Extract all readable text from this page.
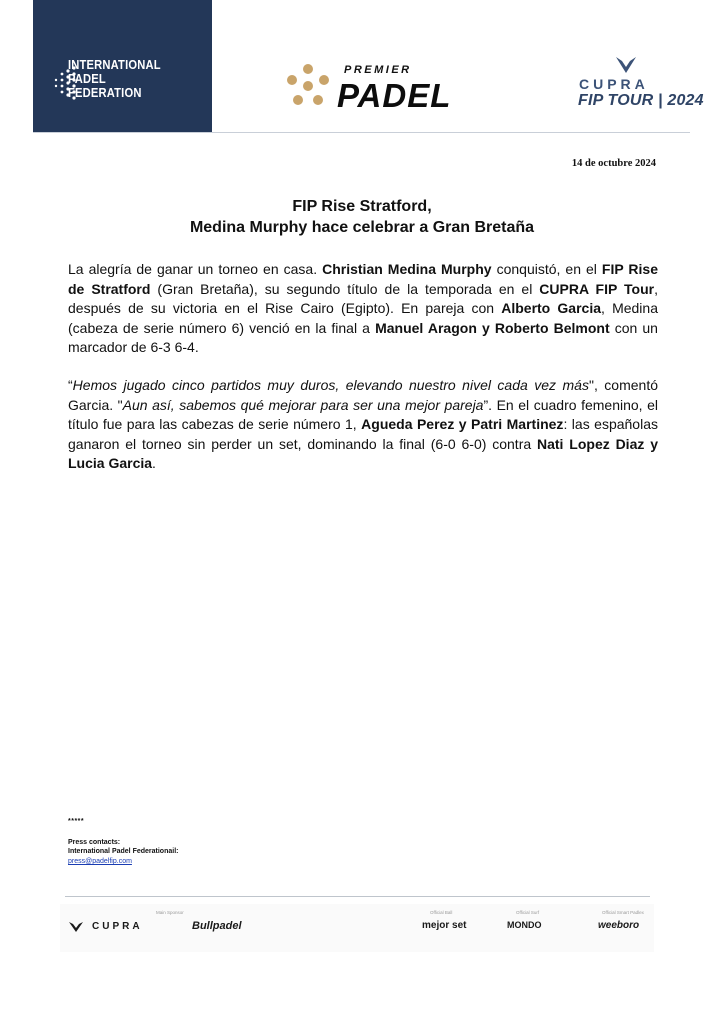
INTERNATIONAL
PADEL
FEDERATION
PREMIER
PADEL	CUPRA
FIP TOUR | 2024
14 de octubre 2024
FIP Rise Stratford,
Medina Murphy hace celebrar a Gran Bretaña
La alegría de ganar un torneo en casa. Christian Medina Murphy conquistó, en el FIP Rise de Stratford (Gran Bretaña), su segundo título de la temporada en el CUPRA FIP Tour, después de su victoria en el Rise Cairo (Egipto). En pareja con Alberto Garcia, Medina (cabeza de serie número 6) venció en la final a Manuel Aragon y Roberto Belmont con un marcador de 6-3 6-4.
“Hemos jugado cinco partidos muy duros, elevando nuestro nivel cada vez más", comentó Garcia. "Aun así, sabemos qué mejorar para ser una mejor pareja”. En el cuadro femenino, el título fue para las cabezas de serie número 1, Agueda Perez y Patri Martinez: las españolas ganaron el torneo sin perder un set, dominando la final (6-0 6-0) contra Nati Lopez Diaz y Lucia Garcia.
*****
Press contacts:
International Padel Federationail:
press@padelfip.com
Main Sponsor
CUPRA	Bullpadel
Official Ball
mejor set
Official Surf
MONDO
Official Smart Padlex
weeboro
